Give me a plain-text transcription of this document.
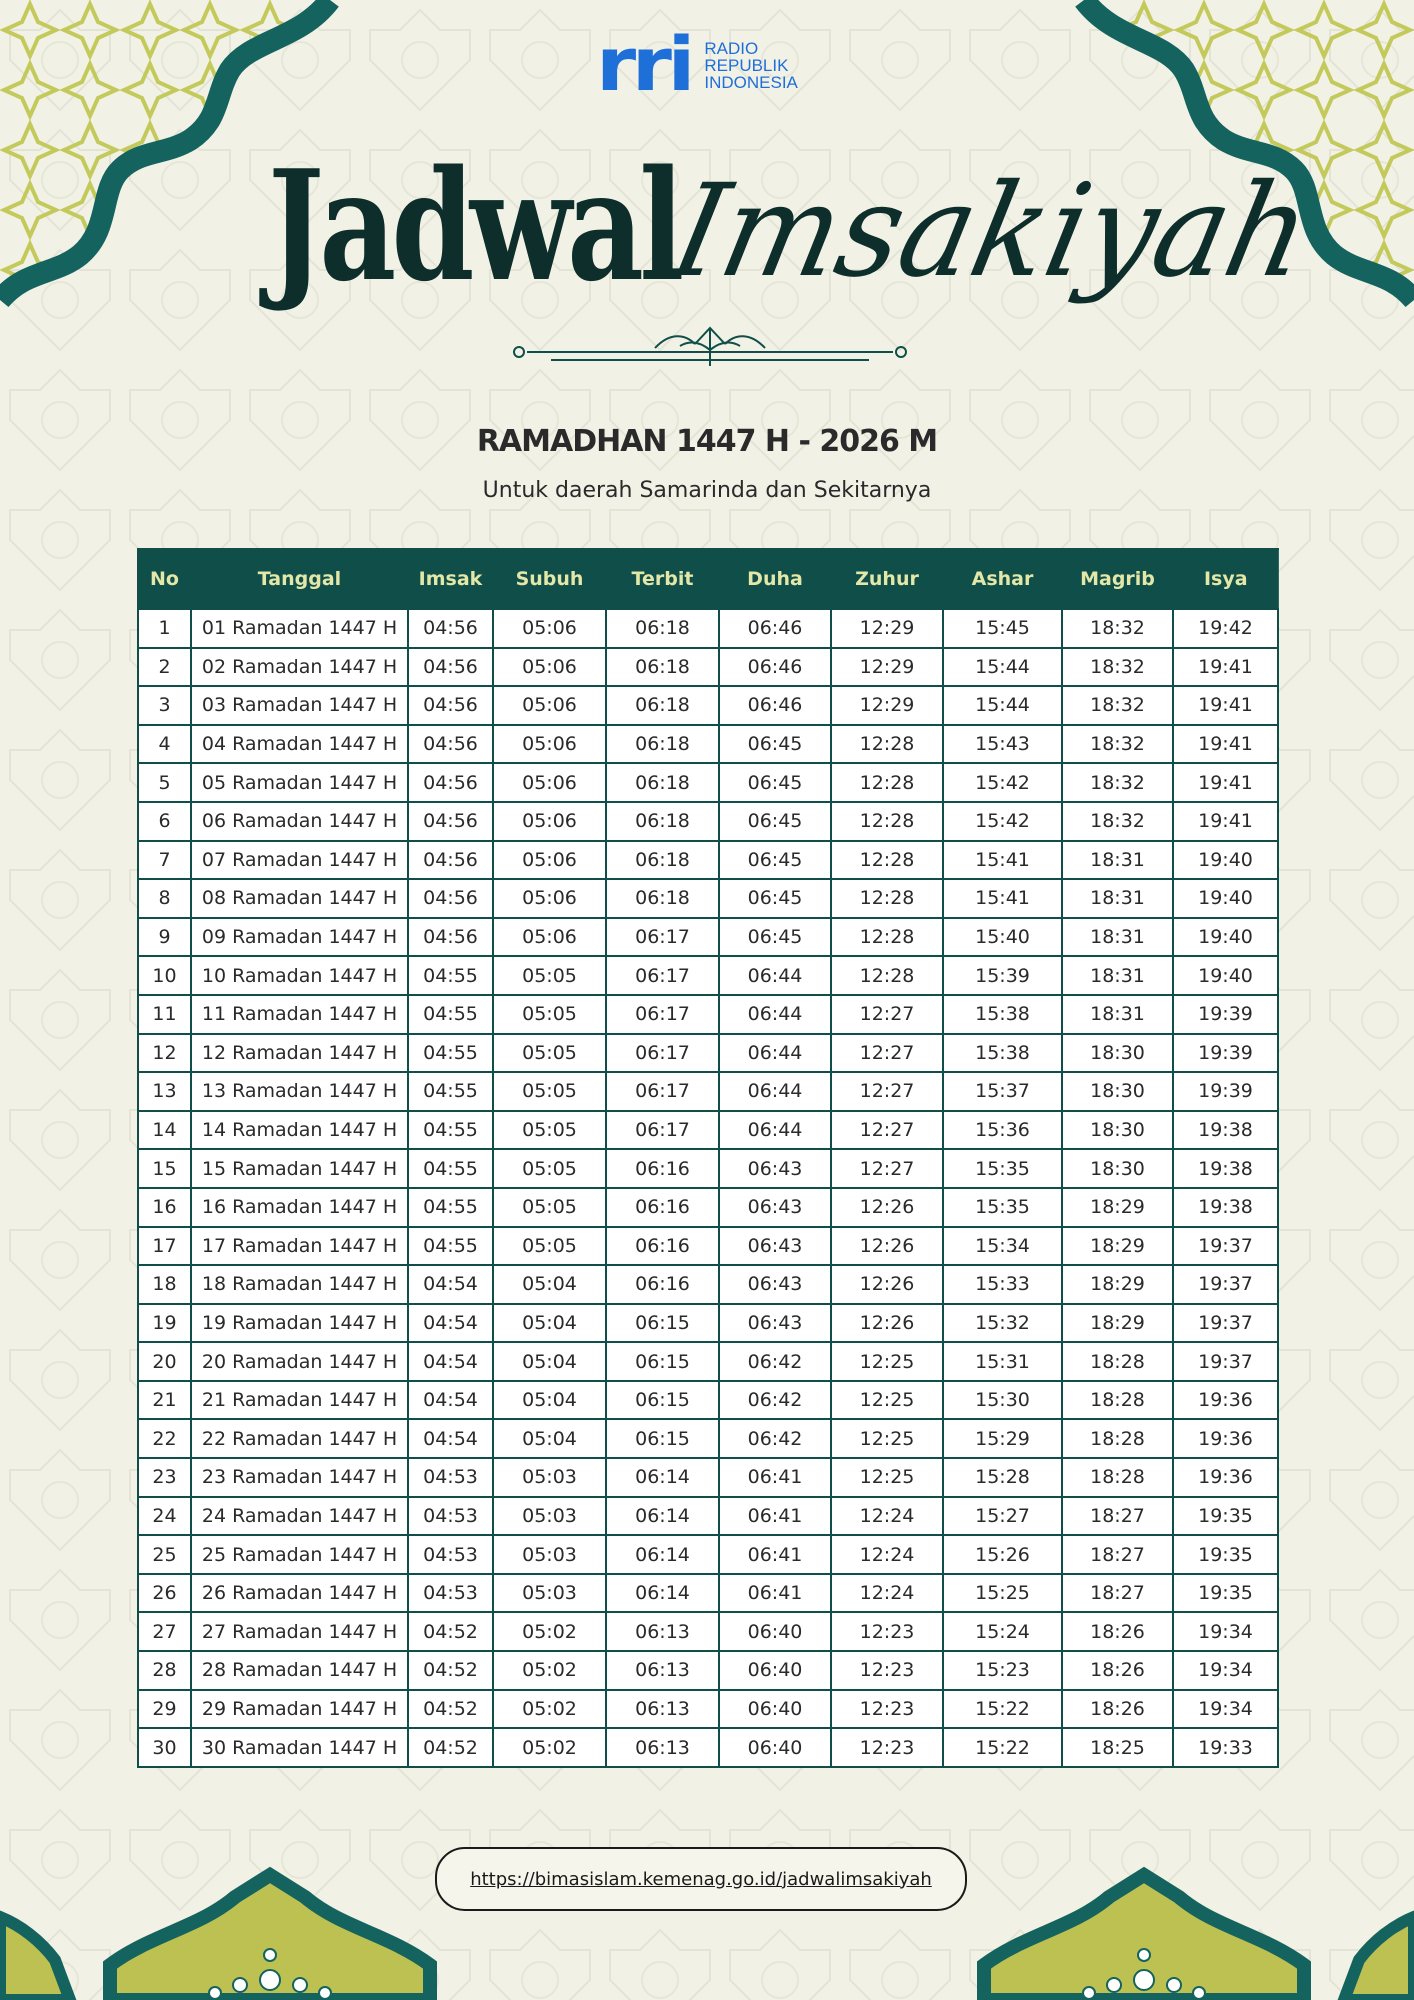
rri RADIO
REPUBLIK
INDONESIA
Jadwal
Imsakiyah
RAMADHAN 1447 H - 2026 M
Untuk daerah Samarinda dan Sekitarnya
No	Tanggal	Imsak	Subuh	Terbit	Duha	Zuhur	Ashar	Magrib	Isya
1	01 Ramadan 1447 H	04:56	05:06	06:18	06:46	12:29	15:45	18:32	19:42
2	02 Ramadan 1447 H	04:56	05:06	06:18	06:46	12:29	15:44	18:32	19:41
3	03 Ramadan 1447 H	04:56	05:06	06:18	06:46	12:29	15:44	18:32	19:41
4	04 Ramadan 1447 H	04:56	05:06	06:18	06:45	12:28	15:43	18:32	19:41
5	05 Ramadan 1447 H	04:56	05:06	06:18	06:45	12:28	15:42	18:32	19:41
6	06 Ramadan 1447 H	04:56	05:06	06:18	06:45	12:28	15:42	18:32	19:41
7	07 Ramadan 1447 H	04:56	05:06	06:18	06:45	12:28	15:41	18:31	19:40
8	08 Ramadan 1447 H	04:56	05:06	06:18	06:45	12:28	15:41	18:31	19:40
9	09 Ramadan 1447 H	04:56	05:06	06:17	06:45	12:28	15:40	18:31	19:40
10	10 Ramadan 1447 H	04:55	05:05	06:17	06:44	12:28	15:39	18:31	19:40
11	11 Ramadan 1447 H	04:55	05:05	06:17	06:44	12:27	15:38	18:31	19:39
12	12 Ramadan 1447 H	04:55	05:05	06:17	06:44	12:27	15:38	18:30	19:39
13	13 Ramadan 1447 H	04:55	05:05	06:17	06:44	12:27	15:37	18:30	19:39
14	14 Ramadan 1447 H	04:55	05:05	06:17	06:44	12:27	15:36	18:30	19:38
15	15 Ramadan 1447 H	04:55	05:05	06:16	06:43	12:27	15:35	18:30	19:38
16	16 Ramadan 1447 H	04:55	05:05	06:16	06:43	12:26	15:35	18:29	19:38
17	17 Ramadan 1447 H	04:55	05:05	06:16	06:43	12:26	15:34	18:29	19:37
18	18 Ramadan 1447 H	04:54	05:04	06:16	06:43	12:26	15:33	18:29	19:37
19	19 Ramadan 1447 H	04:54	05:04	06:15	06:43	12:26	15:32	18:29	19:37
20	20 Ramadan 1447 H	04:54	05:04	06:15	06:42	12:25	15:31	18:28	19:37
21	21 Ramadan 1447 H	04:54	05:04	06:15	06:42	12:25	15:30	18:28	19:36
22	22 Ramadan 1447 H	04:54	05:04	06:15	06:42	12:25	15:29	18:28	19:36
23	23 Ramadan 1447 H	04:53	05:03	06:14	06:41	12:25	15:28	18:28	19:36
24	24 Ramadan 1447 H	04:53	05:03	06:14	06:41	12:24	15:27	18:27	19:35
25	25 Ramadan 1447 H	04:53	05:03	06:14	06:41	12:24	15:26	18:27	19:35
26	26 Ramadan 1447 H	04:53	05:03	06:14	06:41	12:24	15:25	18:27	19:35
27	27 Ramadan 1447 H	04:52	05:02	06:13	06:40	12:23	15:24	18:26	19:34
28	28 Ramadan 1447 H	04:52	05:02	06:13	06:40	12:23	15:23	18:26	19:34
29	29 Ramadan 1447 H	04:52	05:02	06:13	06:40	12:23	15:22	18:26	19:34
30	30 Ramadan 1447 H	04:52	05:02	06:13	06:40	12:23	15:22	18:25	19:33
https://bimasislam.kemenag.go.id/jadwalimsakiyah
